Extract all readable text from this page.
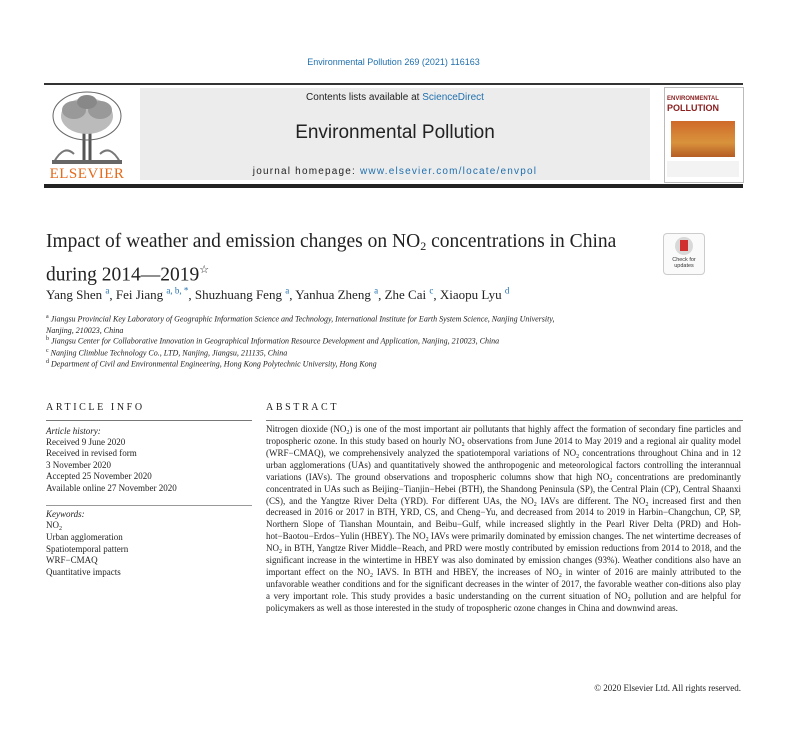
Environmental Pollution 269 (2021) 116163
ELSEVIER
Contents lists available at ScienceDirect
Environmental Pollution
journal homepage: www.elsevier.com/locate/envpol
ENVIRONMENTAL
POLLUTION
Impact of weather and emission changes on $NO_2$ concentrations in China during 2014—2019☆
Check for
updates
Yang Shen $^a$, Fei Jiang $^{a, b, *}$, Shuzhuang Feng $^a$, Yanhua Zheng $^a$, Zhe Cai $^c$, Xiaopu Lyu $^d$
$^a$ Jiangsu Provincial Key Laboratory of Geographic Information Science and Technology, International Institute for Earth System Science, Nanjing University,
Nanjing, 210023, China
$^b$ Jiangsu Center for Collaborative Innovation in Geographical Information Resource Development and Application, Nanjing, 210023, China
$^c$ Nanjing Climblue Technology Co., LTD, Nanjing, Jiangsu, 211135, China
$^d$ Department of Civil and Environmental Engineering, Hong Kong Polytechnic University, Hong Kong
ARTICLE INFO	ABSTRACT
Article history:
Received 9 June 2020
Received in revised form
3 November 2020
Accepted 25 November 2020
Available online 27 November 2020
Keywords:
$NO_2$
Urban agglomeration
Spatiotemporal pattern
WRF−CMAQ
Quantitative impacts
Nitrogen dioxide $(NO_2)$ is one of the most important air pollutants that highly affect the formation of secondary fine particles and tropospheric ozone. In this study based on hourly $NO_2$ observations from June 2014 to May 2019 and a regional air quality model (WRF−CMAQ), we comprehensively analyzed the spatiotemporal variations of $NO_2$ concentrations throughout China and in 12 urban agglomerations (UAs) and quantitatively showed the anthropogenic and meteorological factors controlling the interannual variations (IAVs). The ground observations and tropospheric columns show that high $NO_2$ concentrations are predominantly concentrated in UAs such as Beijing−Tianjin−Hebei (BTH), the Shandong Peninsula (SP), the Central Plain (CP), Central Shaanxi (CS), and the Yangtze River Delta (YRD). For different UAs, the $NO_2$ IAVs are different. The $NO_2$ increased first and then decreased in 2016 or 2017 in BTH, YRD, CS, and Cheng−Yu, and decreased from 2014 to 2019 in Harbin−Changchun, CP, SP, Northern Slope of Tianshan Mountain, and Beibu−Gulf, while increased slightly in the Pearl River Delta (PRD) and Hoh-hot−Baotou−Erdos−Yulin (HBEY). The $NO_2$ IAVs were primarily dominated by emission changes. The net wintertime decreases of $NO_2$ in BTH, Yangtze River Middle−Reach, and PRD were mostly contributed by emission reductions from 2014 to 2018, and the significant increase in the wintertime in HBEY was also dominated by emission changes (93%). Weather conditions also have an important effect on the $NO_2$ IAVS. In BTH and HBEY, the increases of $NO_2$ in winter of 2016 are mainly attributed to the unfavorable weather conditions and for the significant decreases in the winter of 2017, the favorable weather con-ditions also play a very important role. This study provides a basic understanding on the current situation of $NO_2$ pollution and are helpful for policymakers as well as those interested in the study of tropospheric ozone changes in China and downwind areas.
© 2020 Elsevier Ltd. All rights reserved.
